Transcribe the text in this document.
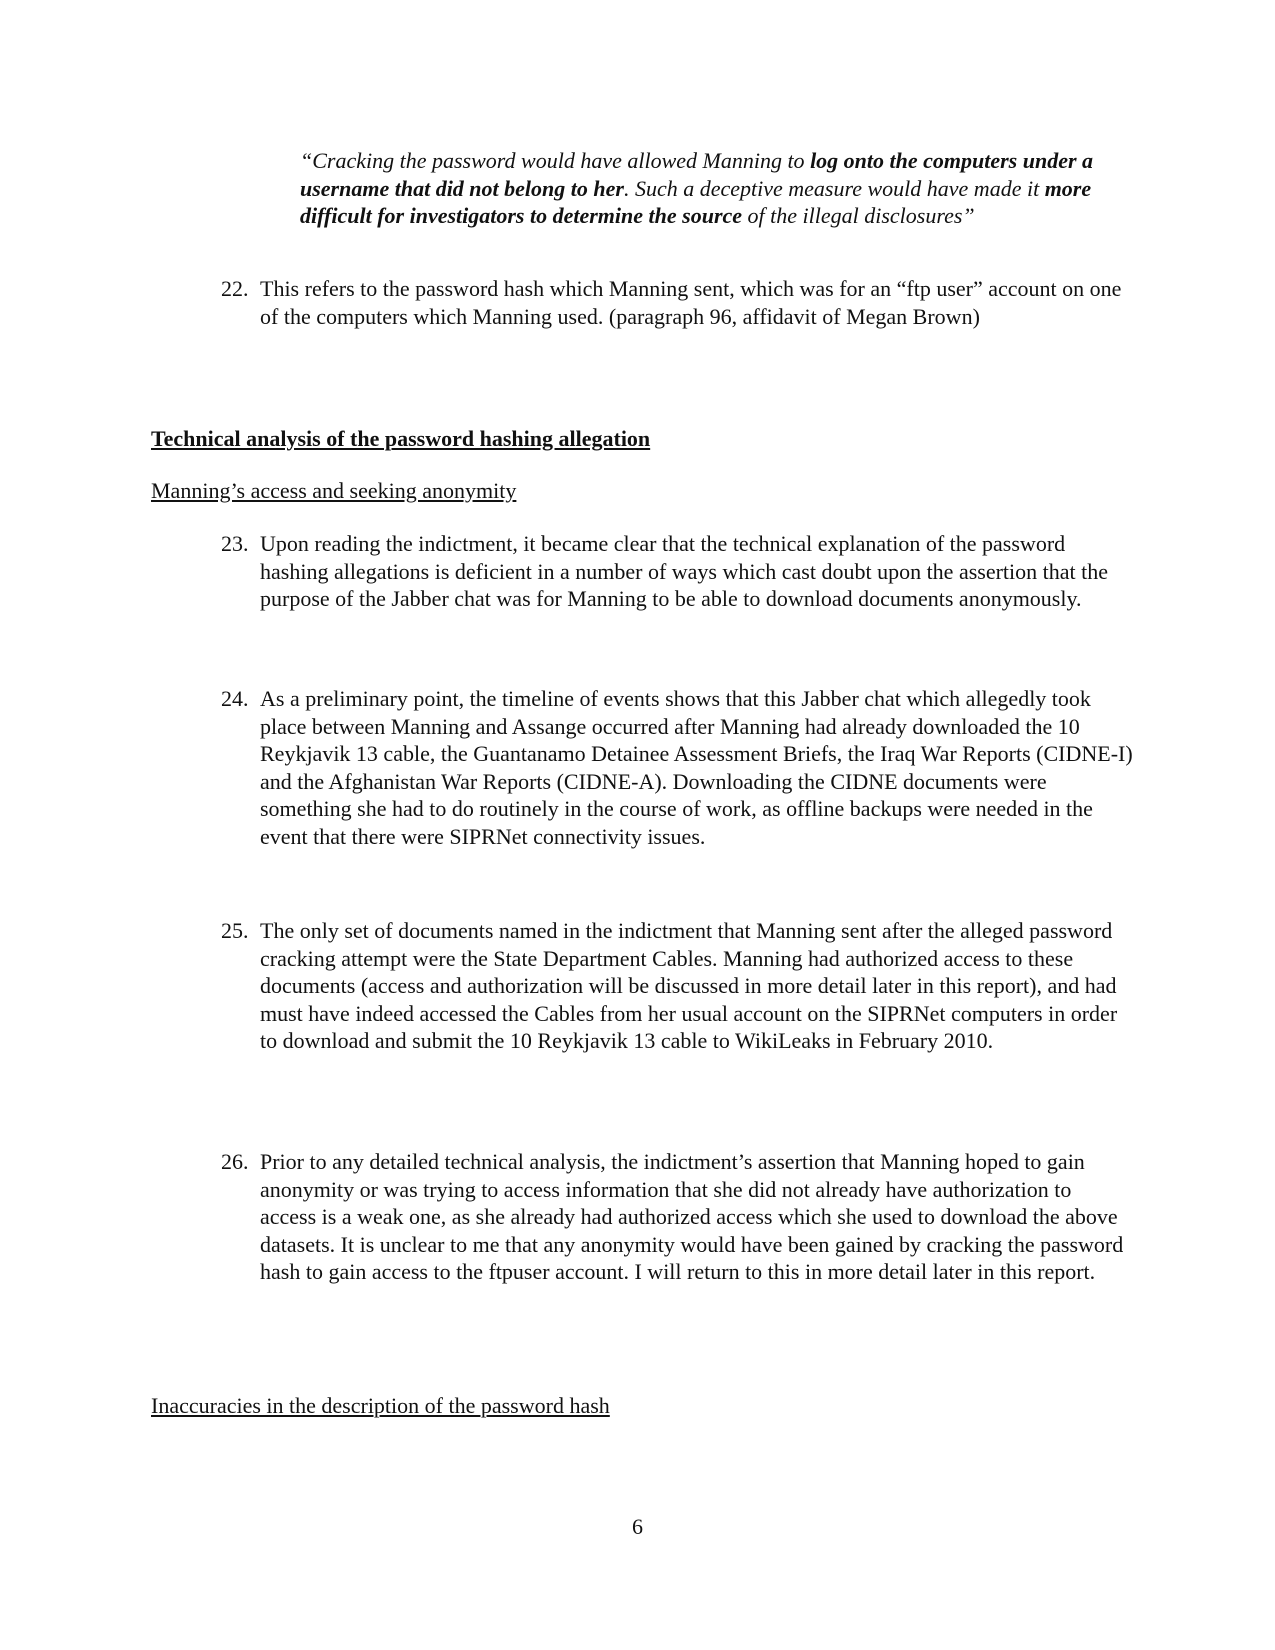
“Cracking the password would have allowed Manning to log onto the computers under a username that did not belong to her. Such a deceptive measure would have made it more difficult for investigators to determine the source of the illegal disclosures”
22. This refers to the password hash which Manning sent, which was for an “ftp user” account on one of the computers which Manning used. (paragraph 96, affidavit of Megan Brown)
Technical analysis of the password hashing allegation
Manning’s access and seeking anonymity
23. Upon reading the indictment, it became clear that the technical explanation of the password hashing allegations is deficient in a number of ways which cast doubt upon the assertion that the purpose of the Jabber chat was for Manning to be able to download documents anonymously.
24. As a preliminary point, the timeline of events shows that this Jabber chat which allegedly took place between Manning and Assange occurred after Manning had already downloaded the 10 Reykjavik 13 cable, the Guantanamo Detainee Assessment Briefs, the Iraq War Reports (CIDNE-I) and the Afghanistan War Reports (CIDNE-A). Downloading the CIDNE documents were something she had to do routinely in the course of work, as offline backups were needed in the event that there were SIPRNet connectivity issues.
25. The only set of documents named in the indictment that Manning sent after the alleged password cracking attempt were the State Department Cables. Manning had authorized access to these documents (access and authorization will be discussed in more detail later in this report), and had must have indeed accessed the Cables from her usual account on the SIPRNet computers in order to download and submit the 10 Reykjavik 13 cable to WikiLeaks in February 2010.
26. Prior to any detailed technical analysis, the indictment’s assertion that Manning hoped to gain anonymity or was trying to access information that she did not already have authorization to access is a weak one, as she already had authorized access which she used to download the above datasets. It is unclear to me that any anonymity would have been gained by cracking the password hash to gain access to the ftpuser account. I will return to this in more detail later in this report.
Inaccuracies in the description of the password hash
6
